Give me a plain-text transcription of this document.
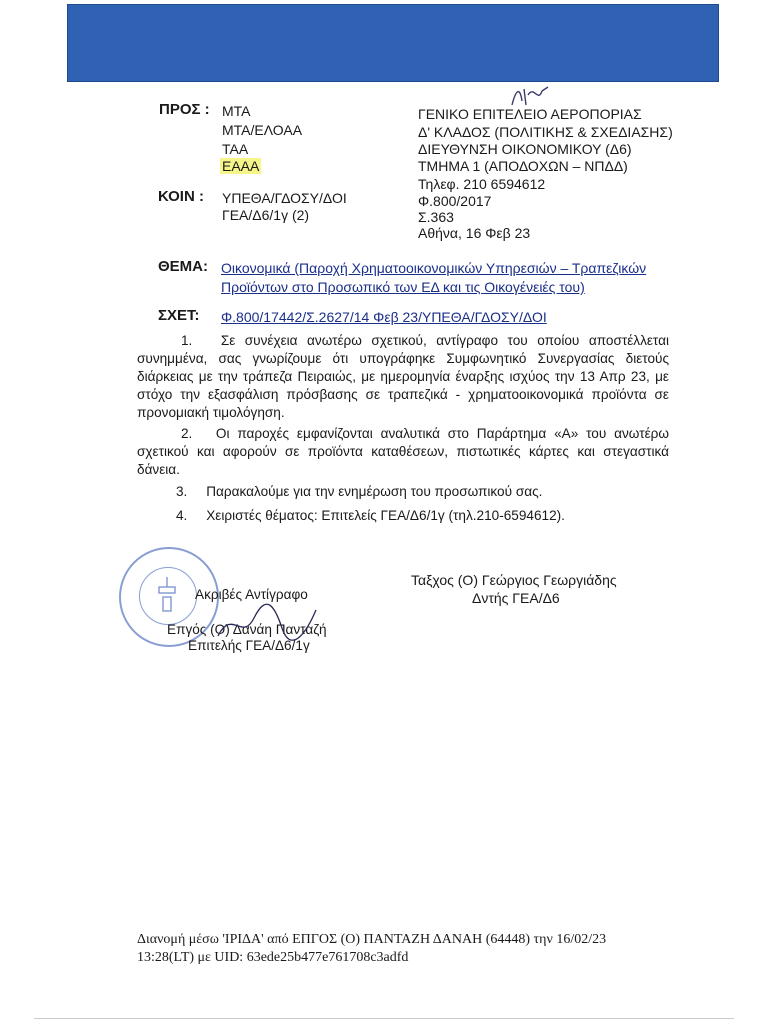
ΠΡΟΣ : ΜΤΑ
ΜΤΑ/ΕΛΟΑΑ
ΤΑΑ
ΕΑΑΑ
ΚΟΙΝ : ΥΠΕΘΑ/ΓΔΟΣΥ/ΔΟΙ
ΓΕΑ/Δ6/1γ (2)
ΓΕΝΙΚΟ ΕΠΙΤΕΛΕΙΟ ΑΕΡΟΠΟΡΙΑΣ
Δ' ΚΛΑΔΟΣ (ΠΟΛΙΤΙΚΗΣ & ΣΧΕΔΙΑΣΗΣ)
ΔΙΕΥΘΥΝΣΗ ΟΙΚΟΝΟΜΙΚΟΥ (Δ6)
ΤΜΗΜΑ 1 (ΑΠΟΔΟΧΩΝ – ΝΠΔΔ)
Τηλεφ. 210 6594612
Φ.800/2017
Σ.363
Αθήνα, 16 Φεβ 23
ΘΕΜΑ: Οικονομικά (Παροχή Χρηματοοικονομικών Υπηρεσιών – Τραπεζικών
Προϊόντων στο Προσωπικό των ΕΔ και τις Οικογένειές του)
ΣΧΕΤ: Φ.800/17442/Σ.2627/14 Φεβ 23/ΥΠΕΘΑ/ΓΔΟΣΥ/ΔΟΙ
1. Σε συνέχεια ανωτέρω σχετικού, αντίγραφο του οποίου αποστέλλεται συνημμένα, σας γνωρίζουμε ότι υπογράφηκε Συμφωνητικό Συνεργασίας διετούς διάρκειας με την τράπεζα Πειραιώς, με ημερομηνία έναρξης ισχύος την 13 Απρ 23, με στόχο την εξασφάλιση πρόσβασης σε τραπεζικά - χρηματοοικονομικά προϊόντα σε προνομιακή τιμολόγηση.
2. Οι παροχές εμφανίζονται αναλυτικά στο Παράρτημα «Α» του ανωτέρω σχετικού και αφορούν σε προϊόντα καταθέσεων, πιστωτικές κάρτες και στεγαστικά δάνεια.
3. Παρακαλούμε για την ενημέρωση του προσωπικού σας.
4. Χειριστές θέματος: Επιτελείς ΓΕΑ/Δ6/1γ (τηλ.210-6594612).
Ακριβές Αντίγραφο
Επγός (Ο) Δανάη Πανταζή
Επιτελής ΓΕΑ/Δ6/1γ
Ταξχος (Ο) Γεώργιος Γεωργιάδης
Δντής ΓΕΑ/Δ6
Διανομή μέσω 'ΙΡΙΔΑ' από ΕΠΓΟΣ (Ο) ΠΑΝΤΑΖΗ ΔΑΝΑΗ (64448) την 16/02/23
13:28(LT) με UID: 63ede25b477e761708c3adfd
